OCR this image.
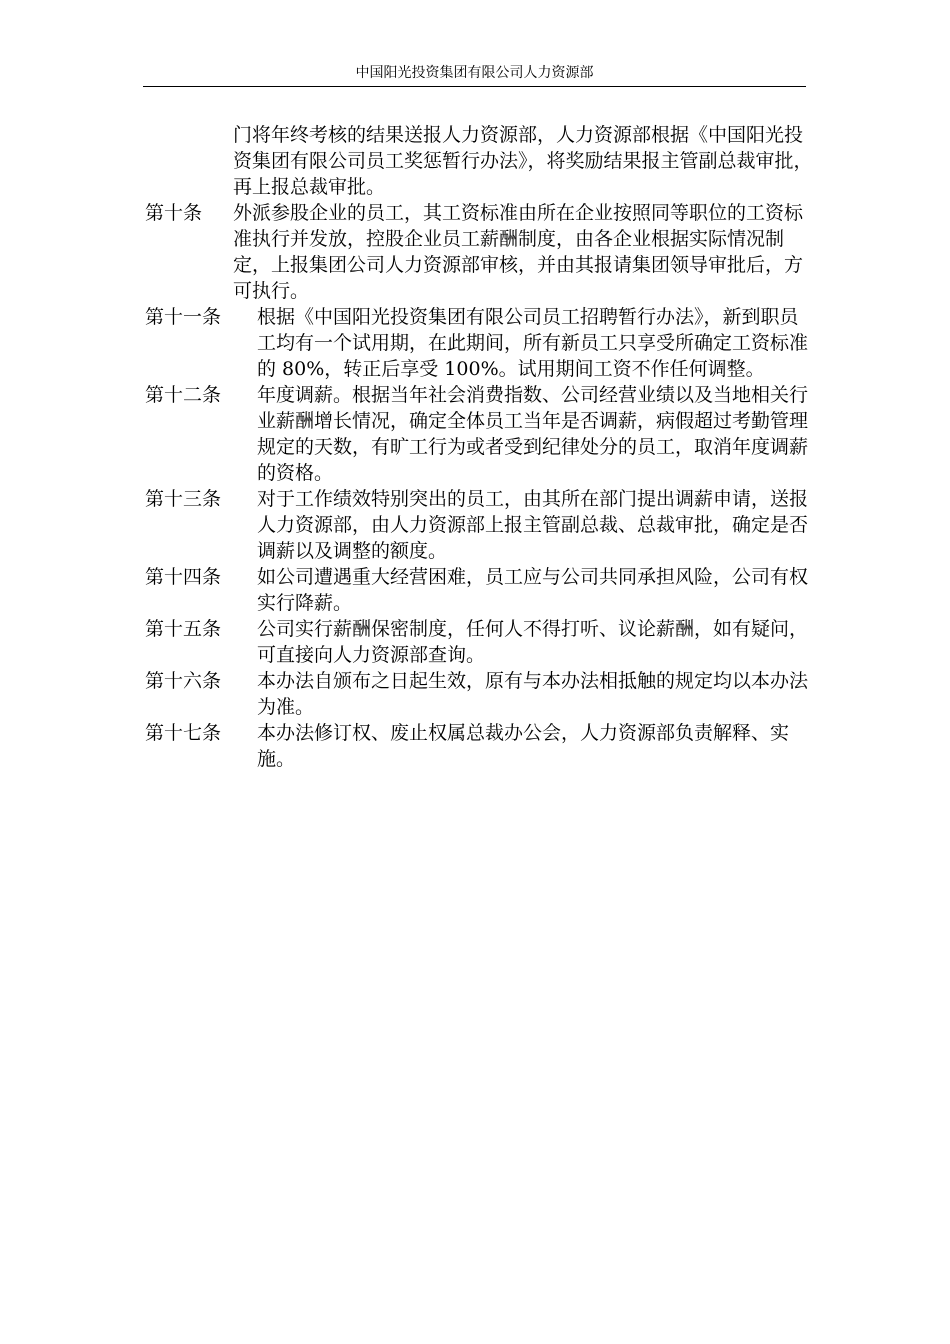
中国阳光投资集团有限公司人力资源部

门将年终考核的结果送报人力资源部，人力资源部根据《中国阳光投资集团有限公司员工奖惩暂行办法》，将奖励结果报主管副总裁审批，再上报总裁审批。

第十条 外派参股企业的员工，其工资标准由所在企业按照同等职位的工资标准执行并发放，控股企业员工薪酬制度，由各企业根据实际情况制定，上报集团公司人力资源部审核，并由其报请集团领导审批后，方可执行。
第十一条 根据《中国阳光投资集团有限公司员工招聘暂行办法》，新到职员工均有一个试用期，在此期间，所有新员工只享受所确定工资标准的 80%，转正后享受 100%。试用期间工资不作任何调整。
第十二条 年度调薪。根据当年社会消费指数、公司经营业绩以及当地相关行业薪酬增长情况，确定全体员工当年是否调薪，病假超过考勤管理规定的天数，有旷工行为或者受到纪律处分的员工，取消年度调薪的资格。
第十三条 对于工作绩效特别突出的员工，由其所在部门提出调薪申请，送报人力资源部，由人力资源部上报主管副总裁、总裁审批，确定是否调薪以及调整的额度。
第十四条 如公司遭遇重大经营困难，员工应与公司共同承担风险，公司有权实行降薪。
第十五条 公司实行薪酬保密制度，任何人不得打听、议论薪酬，如有疑问，可直接向人力资源部查询。
第十六条 本办法自颁布之日起生效，原有与本办法相抵触的规定均以本办法为准。
第十七条 本办法修订权、废止权属总裁办公会，人力资源部负责解释、实施。
